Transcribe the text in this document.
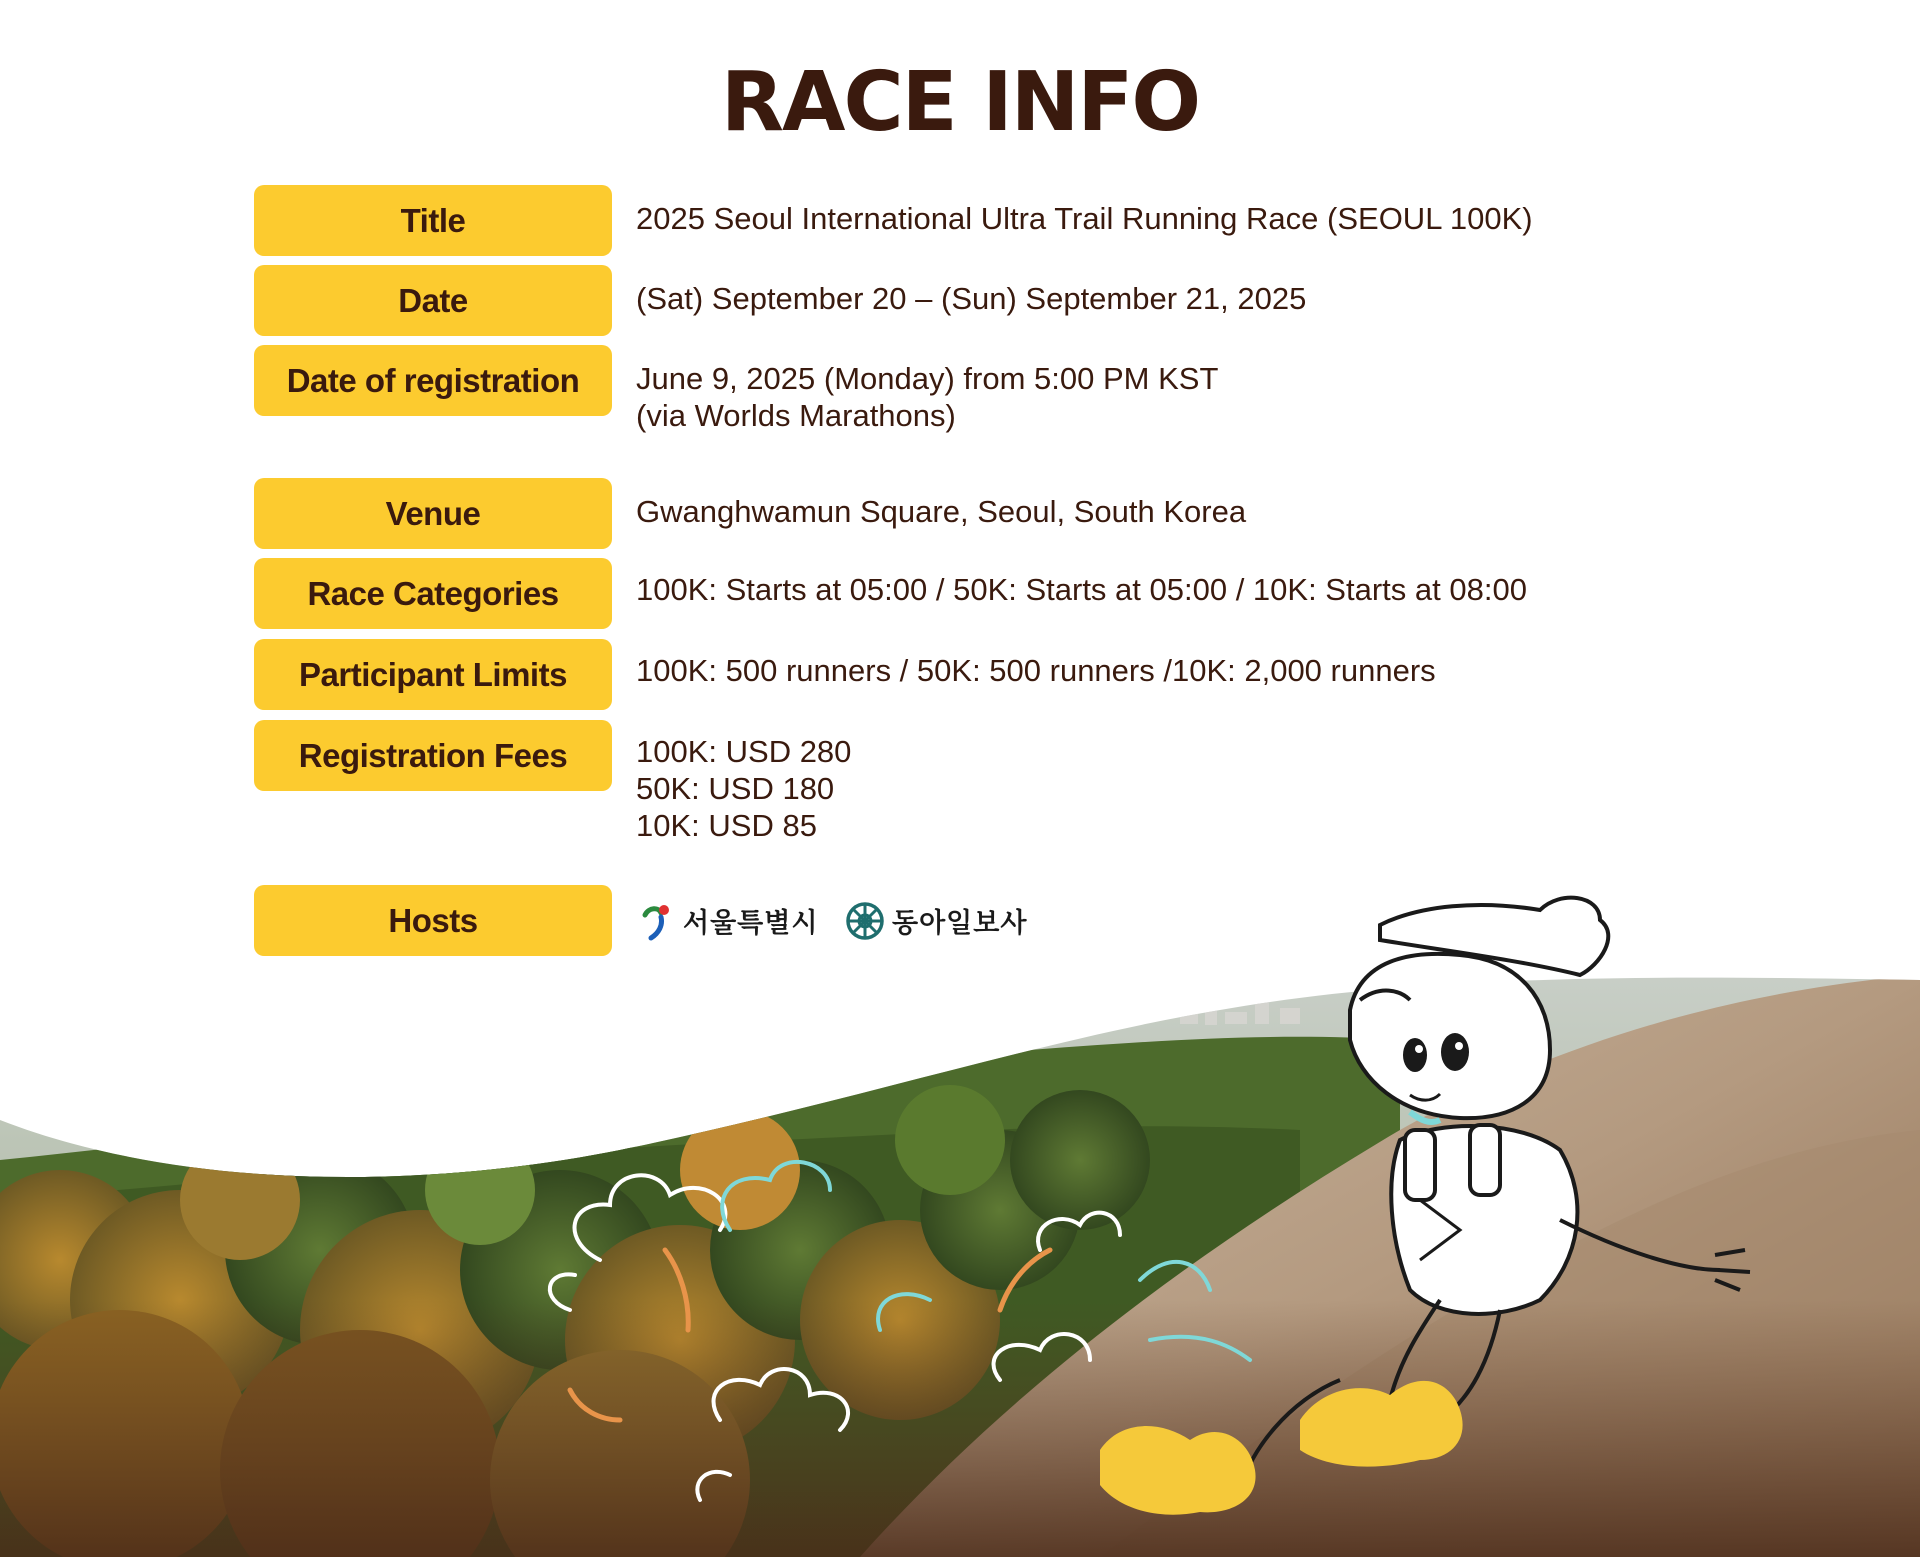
RACE INFO
Title	2025 Seoul International Ultra Trail Running Race (SEOUL 100K)
Date	(Sat) September 20 – (Sun) September 21, 2025
Date of registration	June 9, 2025 (Monday) from 5:00 PM KST
(via Worlds Marathons)
Venue	Gwanghwamun Square, Seoul, South Korea
Race Categories	100K: Starts at 05:00 / 50K: Starts at 05:00 / 10K: Starts at 08:00
Participant Limits	100K: 500 runners / 50K: 500 runners /10K: 2,000 runners
Registration Fees	100K: USD 280
50K: USD 180
10K: USD 85
Hosts	서울특별시	동아일보사
